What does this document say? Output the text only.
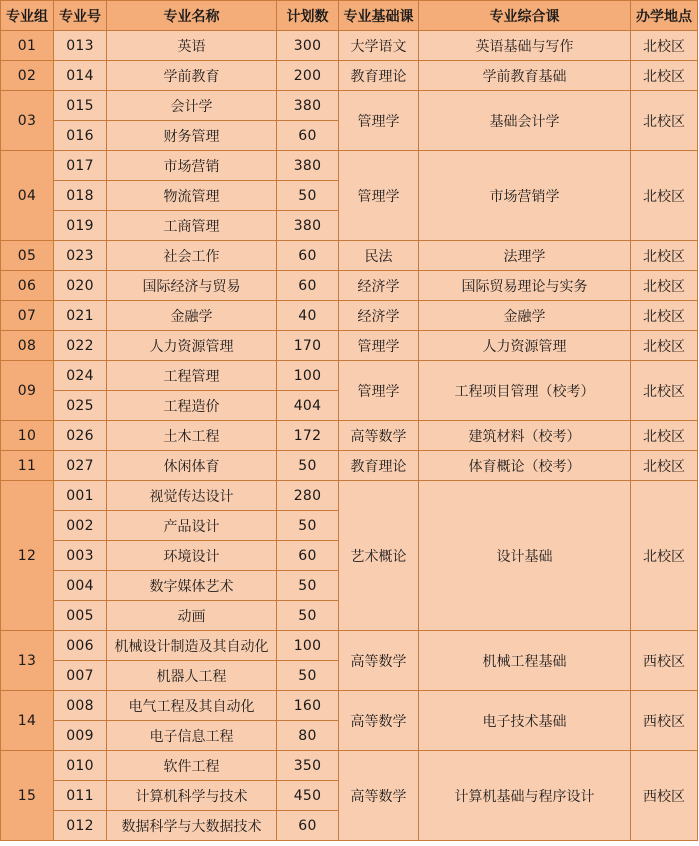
专业组	专业号	专业名称	计划数	专业基础课	专业综合课	办学地点
01	013	英语	300	大学语文	英语基础与写作	北校区
02	014	学前教育	200	教育理论	学前教育基础	北校区
03	015	会计学	380	管理学	基础会计学	北校区
	016	财务管理	60			
04	017	市场营销	380	管理学	市场营销学	北校区
	018	物流管理	50			
	019	工商管理	380			
05	023	社会工作	60	民法	法理学	北校区
06	020	国际经济与贸易	60	经济学	国际贸易理论与实务	北校区
07	021	金融学	40	经济学	金融学	北校区
08	022	人力资源管理	170	管理学	人力资源管理	北校区
09	024	工程管理	100	管理学	工程项目管理（校考）	北校区
	025	工程造价	404			
10	026	土木工程	172	高等数学	建筑材料（校考）	北校区
11	027	休闲体育	50	教育理论	体育概论（校考）	北校区
12	001	视觉传达设计	280	艺术概论	设计基础	北校区
	002	产品设计	50			
	003	环境设计	60			
	004	数字媒体艺术	50			
	005	动画	50			
13	006	机械设计制造及其自动化	100	高等数学	机械工程基础	西校区
	007	机器人工程	50			
14	008	电气工程及其自动化	160	高等数学	电子技术基础	西校区
	009	电子信息工程	80			
15	010	软件工程	350	高等数学	计算机基础与程序设计	西校区
	011	计算机科学与技术	450			
	012	数据科学与大数据技术	60			
